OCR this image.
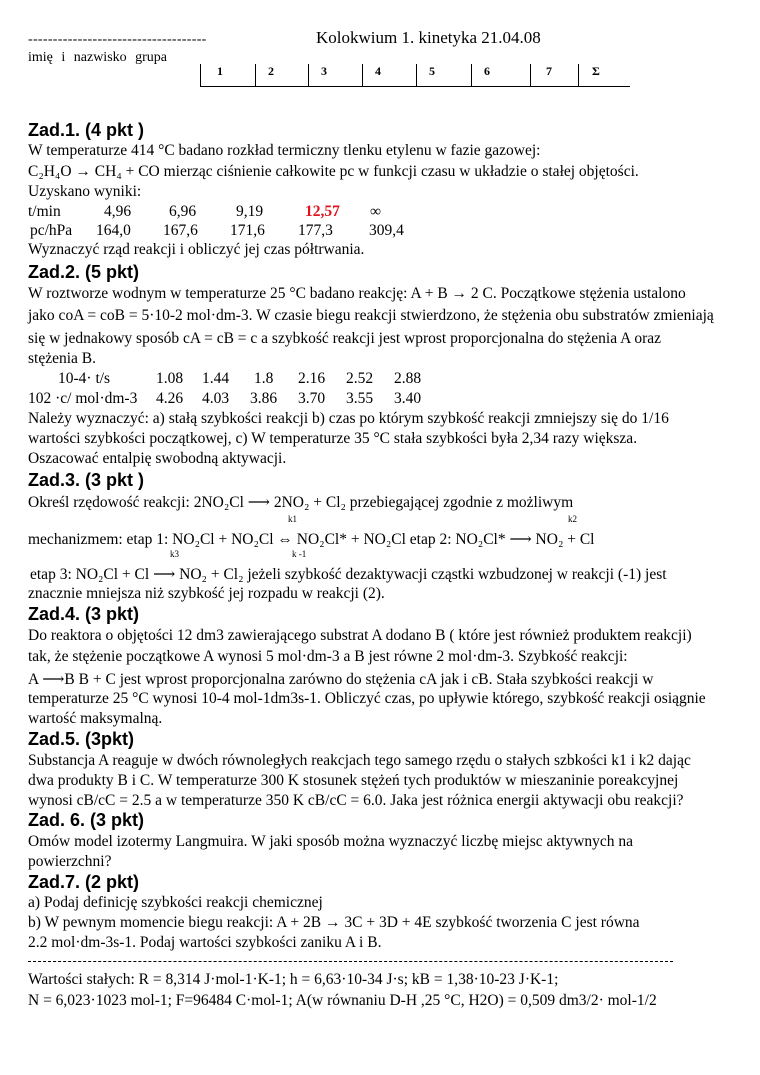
------------------------------------
imię i nazwisko grupa
Kolokwium 1. kinetyka 21.04.08
1	2	3	4	5	6	7	Σ
Zad.1. (4 pkt )
W temperaturze 414 °C badano rozkład termiczny tlenku etylenu w fazie gazowej:
C₂H₄O → CH₄ + CO mierząc ciśnienie całkowite pc w funkcji czasu w układzie o stałej objętości.
Uzyskano wyniki:
t/min	4,96 6,96	9,19	12,57 ∞
pc/hPa 164,0 167,6 171,6 177,3 309,4
Wyznaczyć rząd reakcji i obliczyć jej czas półtrwania.
Zad.2. (5 pkt)
W roztworze wodnym w temperaturze 25 °C badano reakcję: A + B → 2 C. Początkowe stężenia ustalono
jako coA = coB = 5·10-2 mol·dm-3. W czasie biegu reakcji stwierdzono, że stężenia obu substratów zmieniają
się w jednakowy sposób cA = cB = c a szybkość reakcji jest wprost proporcjonalna do stężenia A oraz
stężenia B.
10-4· t/s	1.08 1.44 1.8 2.16 2.52 2.88
102 ·c/ mol·dm-3 4.26 4.03 3.86 3.70 3.55 3.40
Należy wyznaczyć: a) stałą szybkości reakcji b) czas po którym szybkość reakcji zmniejszy się do 1/16
wartości szybkości początkowej, c) W temperaturze 35 °C stała szybkości była 2,34 razy większa.
Oszacować entalpię swobodną aktywacji.
Zad.3. (3 pkt )
Określ rzędowość reakcji: 2NO₂Cl ⟶ 2NO₂ + Cl₂ przebiegającej zgodnie z możliwym
k1	k2
mechanizmem: etap 1: NO₂Cl + NO₂Cl ⇔ NO₂Cl* + NO₂Cl etap 2: NO₂Cl* ⟶ NO₂ + Cl
k3	k -1
etap 3: NO₂Cl + Cl ⟶ NO₂ + Cl₂ jeżeli szybkość dezaktywacji cząstki wzbudzonej w reakcji (-1) jest
znacznie mniejsza niż szybkość jej rozpadu w reakcji (2).
Zad.4. (3 pkt)
Do reaktora o objętości 12 dm3 zawierającego substrat A dodano B ( które jest również produktem reakcji)
tak, że stężenie początkowe A wynosi 5 mol·dm-3 a B jest równe 2 mol·dm-3. Szybkość reakcji:
A ⟶B B + C jest wprost proporcjonalna zarówno do stężenia cA jak i cB. Stała szybkości reakcji w
temperaturze 25 °C wynosi 10-4 mol-1dm3s-1. Obliczyć czas, po upływie którego, szybkość reakcji osiągnie
wartość maksymalną.
Zad.5. (3pkt)
Substancja A reaguje w dwóch równoległych reakcjach tego samego rzędu o stałych szbkości k1 i k2 dając
dwa produkty B i C. W temperaturze 300 K stosunek stężeń tych produktów w mieszaninie poreakcyjnej
wynosi cB/cC = 2.5 a w temperaturze 350 K cB/cC = 6.0. Jaka jest różnica energii aktywacji obu reakcji?
Zad. 6. (3 pkt)
Omów model izotermy Langmuira. W jaki sposób można wyznaczyć liczbę miejsc aktywnych na
powierzchni?
Zad.7. (2 pkt)
a) Podaj definicję szybkości reakcji chemicznej
b) W pewnym momencie biegu reakcji: A + 2B → 3C + 3D + 4E szybkość tworzenia C jest równa
2.2 mol·dm-3s-1. Podaj wartości szybkości zaniku A i B.
Wartości stałych: R = 8,314 J·mol-1·K-1; h = 6,63·10-34 J·s; kB = 1,38·10-23 J·K-1;
N = 6,023·1023 mol-1; F=96484 C·mol-1; A(w równaniu D-H ,25 °C, H2O) = 0,509 dm3/2· mol-1/2
